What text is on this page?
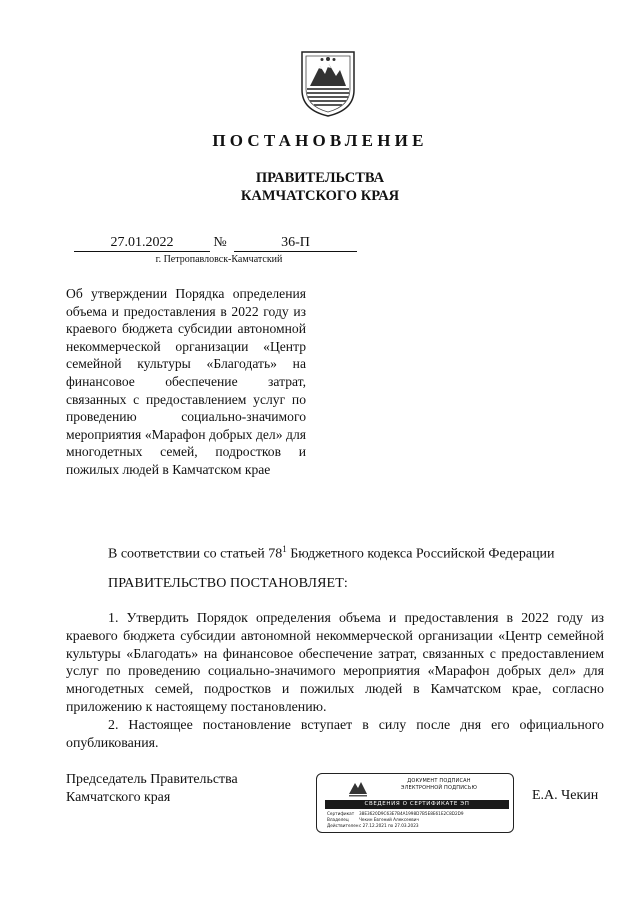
ПОСТАНОВЛЕНИЕ
ПРАВИТЕЛЬСТВА
КАМЧАТСКОГО КРАЯ
27.01.2022	№	36-П
г. Петропавловск-Камчатский
Об утверждении Порядка определения объема и предоставления в 2022 году из краевого бюджета субсидии автономной некоммерческой организации «Центр семейной культуры «Благодать» на финансовое обеспечение затрат, связанных с предоставлением услуг по проведению социально-значимого мероприятия «Марафон добрых дел» для многодетных семей, подростков и пожилых людей в Камчатском крае
В соответствии со статьей $78^1$ Бюджетного кодекса Российской Федерации
ПРАВИТЕЛЬСТВО ПОСТАНОВЛЯЕТ:

1. Утвердить Порядок определения объема и предоставления в 2022 году из краевого бюджета субсидии автономной некоммерческой организации «Центр семейной культуры «Благодать» на финансовое обеспечение затрат, связанных с предоставлением услуг по проведению социально-значимого мероприятия «Марафон добрых дел» для многодетных семей, подростков и пожилых людей в Камчатском крае, согласно приложению к настоящему постановлению.

2. Настоящее постановление вступает в силу после дня его официального опубликования.

Председатель Правительства
Камчатского края
ДОКУМЕНТ ПОДПИСАН
ЭЛЕКТРОННОЙ ПОДПИСЬЮ
СВЕДЕНИЯ О СЕРТИФИКАТЕ ЭП
Сертификат 38E3620D9C63E7B4A1998D7B5E8E61E2C8D2D9
Владелец Чекин Евгений Алексеевич
Действителенс 27.12.2021 по 27.03.2023
Е.А. Чекин
